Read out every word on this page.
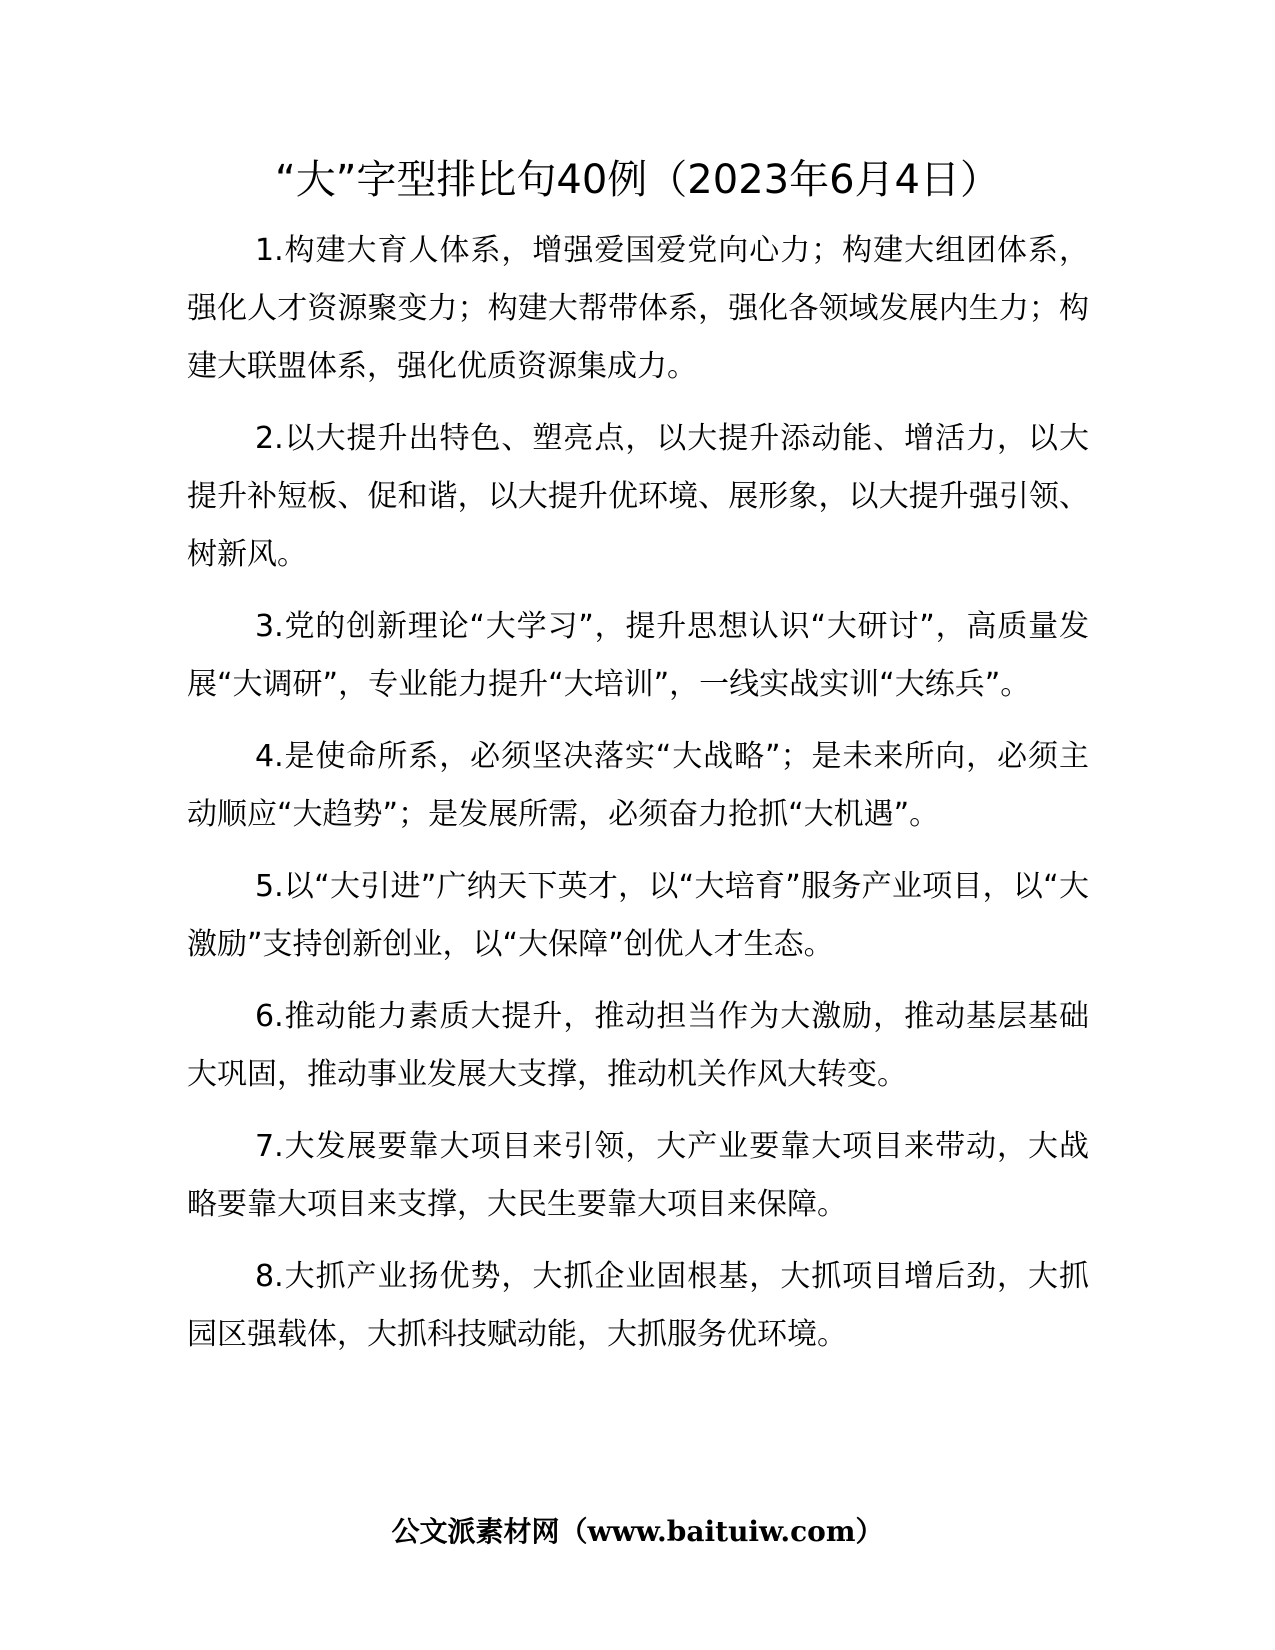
“大”字型排比句40例（2023年6月4日）

1.构建大育人体系，增强爱国爱党向心力；构建大组团体系，强化人才资源聚变力；构建大帮带体系，强化各领域发展内生力；构建大联盟体系，强化优质资源集成力。

2.以大提升出特色、塑亮点，以大提升添动能、增活力，以大提升补短板、促和谐，以大提升优环境、展形象，以大提升强引领、树新风。

3.党的创新理论“大学习”，提升思想认识“大研讨”，高质量发展“大调研”，专业能力提升“大培训”，一线实战实训“大练兵”。

4.是使命所系，必须坚决落实“大战略”；是未来所向，必须主动顺应“大趋势”；是发展所需，必须奋力抢抓“大机遇”。

5.以“大引进”广纳天下英才，以“大培育”服务产业项目，以“大激励”支持创新创业，以“大保障”创优人才生态。

6.推动能力素质大提升，推动担当作为大激励，推动基层基础大巩固，推动事业发展大支撑，推动机关作风大转变。

7.大发展要靠大项目来引领，大产业要靠大项目来带动，大战略要靠大项目来支撑，大民生要靠大项目来保障。

8.大抓产业扬优势，大抓企业固根基，大抓项目增后劲，大抓园区强载体，大抓科技赋动能，大抓服务优环境。

公文派素材网（www.baituiw.com）
